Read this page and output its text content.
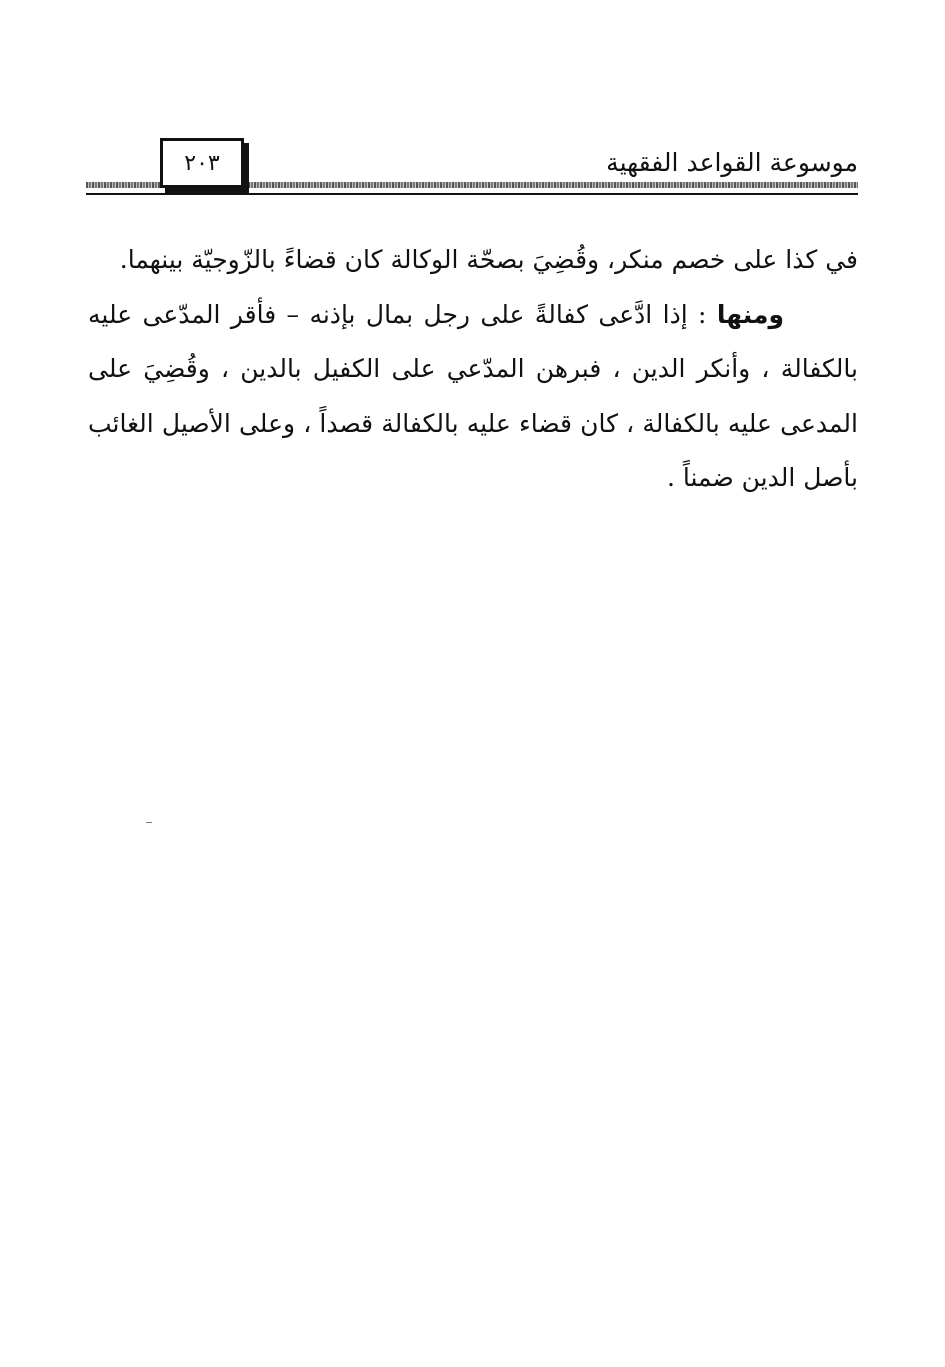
موسوعة القواعد الفقهية
٢٠٣

في كذا على خصم منكر، وقُضِيَ بصحّة الوكالة كان قضاءً بالزّوجيّة بينهما.

ومنها : إذا ادَّعى كفالةً على رجل بمال بإذنه – فأقر المدّعى عليه بالكفالة ، وأنكر الدين ، فبرهن المدّعي على الكفيل بالدين ، وقُضِيَ على المدعى عليه بالكفالة ، كان قضاء عليه بالكفالة قصداً ، وعلى الأصيل الغائب بأصل الدين ضمناً .
